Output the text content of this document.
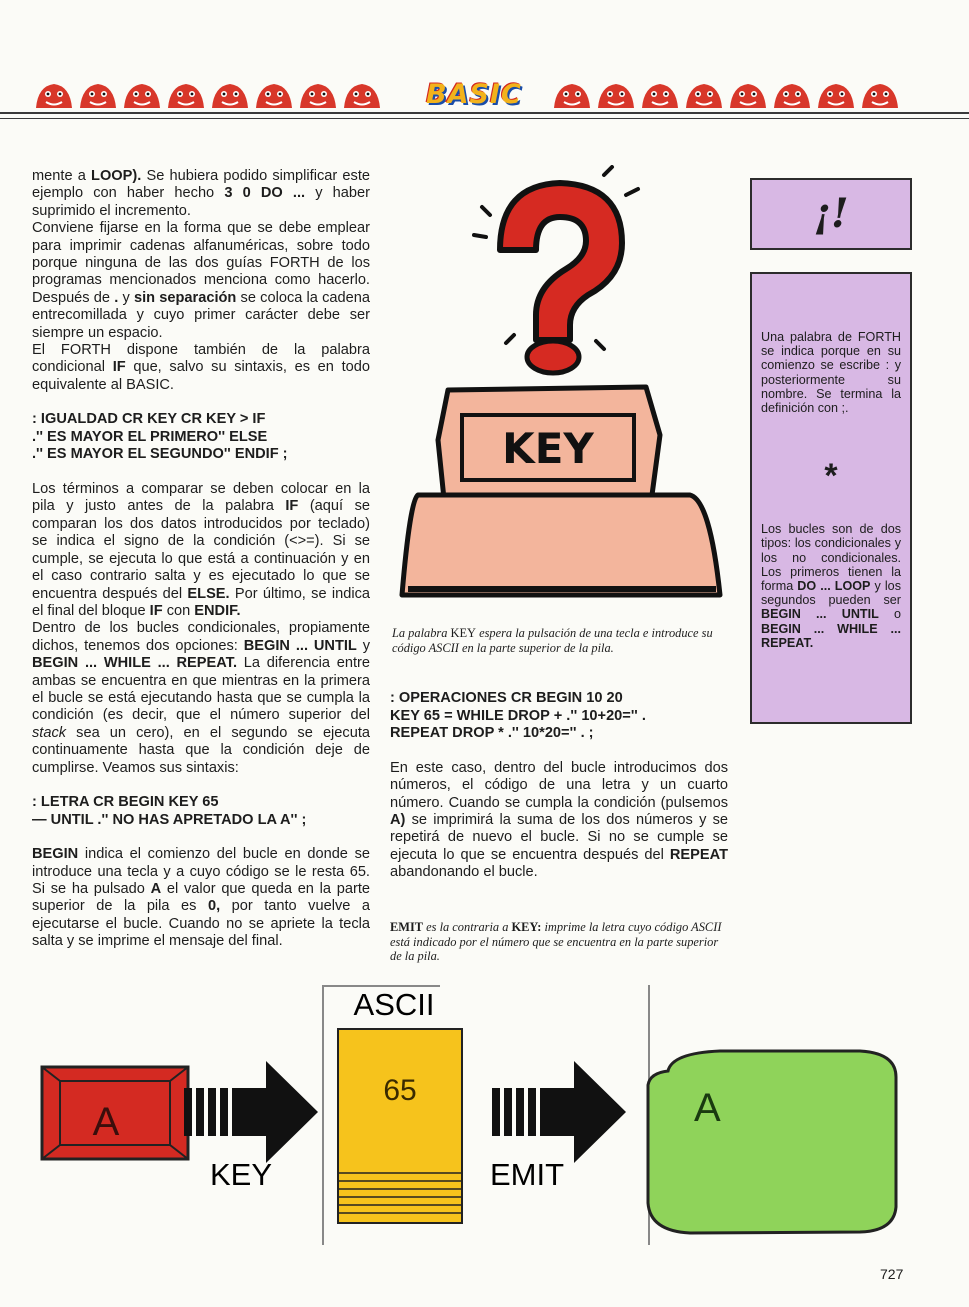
BASIC

mente a LOOP). Se hubiera podido simplificar este ejemplo con haber hecho 3 0 DO ... y haber suprimido el incremento.

Conviene fijarse en la forma que se debe emplear para imprimir cadenas alfanuméricas, sobre todo porque ninguna de las dos guías FORTH de los programas mencionados menciona como hacerlo. Después de . y sin separación se coloca la cadena entrecomillada y cuyo primer carácter debe ser siempre un espacio.

El FORTH dispone también de la palabra condicional IF que, salvo su sintaxis, es en todo equivalente al BASIC.

: IGUALDAD CR KEY CR KEY > IF

.'' ES MAYOR EL PRIMERO'' ELSE

.'' ES MAYOR EL SEGUNDO'' ENDIF ;

Los términos a comparar se deben colocar en la pila y justo antes de la palabra IF (aquí se comparan los dos datos introducidos por teclado) se indica el signo de la condición (<>=). Si se cumple, se ejecuta lo que está a continuación y en el caso contrario salta y es ejecutado lo que se encuentra después del ELSE. Por último, se indica el final del bloque IF con ENDIF.

Dentro de los bucles condicionales, propiamente dichos, tenemos dos opciones: BEGIN ... UNTIL y BEGIN ... WHILE ... REPEAT. La diferencia entre ambas se encuentra en que mientras en la primera el bucle se está ejecutando hasta que se cumpla la condición (es decir, que el número superior del stack sea un cero), en el segundo se ejecuta continuamente hasta que la condición deje de cumplirse. Veamos sus sintaxis:

: LETRA CR BEGIN KEY 65

— UNTIL .'' NO HAS APRETADO LA A'' ;

BEGIN indica el comienzo del bucle en donde se introduce una tecla y a cuyo código se le resta 65. Si se ha pulsado A el valor que queda en la parte superior de la pila es 0, por tanto vuelve a ejecutarse el bucle. Cuando no se apriete la tecla salta y se imprime el mensaje del final.

KEY
La palabra KEY espera la pulsación de una tecla e introduce su código ASCII en la parte superior de la pila.

: OPERACIONES CR BEGIN 10 20

KEY 65 = WHILE DROP + .'' 10+20='' .

REPEAT DROP * .'' 10*20='' . ;

En este caso, dentro del bucle introducimos dos números, el código de una letra y un cuarto número. Cuando se cumpla la condición (pulsemos A) se imprimirá la suma de los dos números y se repetirá de nuevo el bucle. Si no se cumple se ejecuta lo que se encuentra después del REPEAT abandonando el bucle.

EMIT es la contraria a KEY: imprime la letra cuyo código ASCII está indicado por el número que se encuentra en la parte superior de la pila.
¡!

Una palabra de FORTH se indica porque en su comienzo se escribe : y posteriormente su nombre. Se termina la definición con ;.

*

Los bucles son de dos tipos: los condicionales y los no condicionales. Los primeros tienen la forma DO ... LOOP y los segundos pueden ser BEGIN ... UNTIL o BEGIN ... WHILE ... REPEAT.

A
KEY
ASCII
65
EMIT
A
727
